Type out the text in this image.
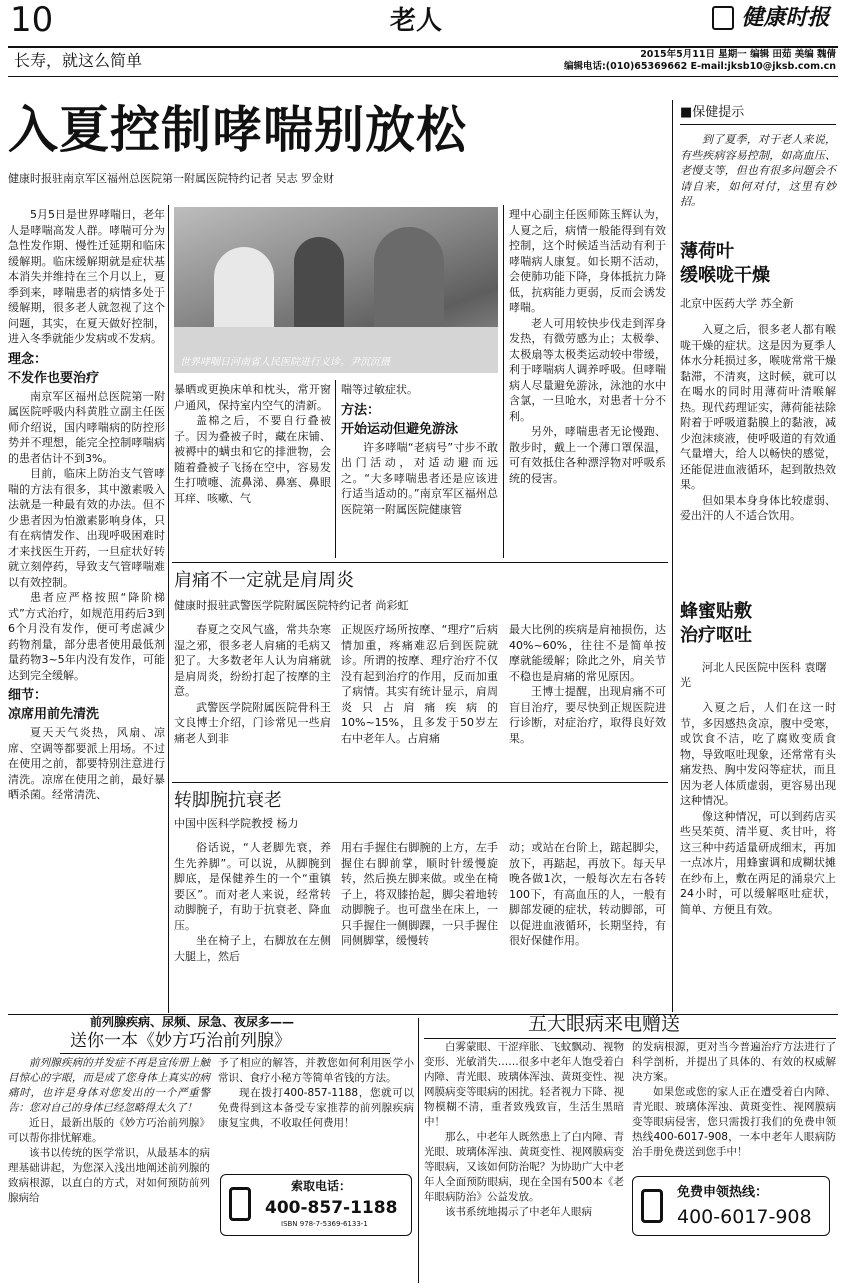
10	老人	健康时报
长寿，就这么简单	2015年5月11日 星期一 编辑 田茹 美编 魏倩
编辑电话:(010)65369662 E-mail:jksb10@jksb.com.cn
入夏控制哮喘别放松
健康时报驻南京军区福州总医院第一附属医院特约记者 吴志 罗金财

5月5日是世界哮喘日，老年人是哮喘高发人群。哮喘可分为急性发作期、慢性迁延期和临床缓解期。临床缓解期就是症状基本消失并维持在三个月以上，夏季到来，哮喘患者的病情多处于缓解期，很多老人就忽视了这个问题，其实，在夏天做好控制，进入冬季就能少发病或不发病。

理念：
不发作也要治疗

南京军区福州总医院第一附属医院呼吸内科黄胜立副主任医师介绍说，国内哮喘病的防控形势并不理想，能完全控制哮喘病的患者估计不到3%。

目前，临床上防治支气管哮喘的方法有很多，其中激素吸入法就是一种最有效的办法。但不少患者因为怕激素影响身体，只有在病情发作、出现呼吸困难时才来找医生开药，一旦症状好转就立刻停药，导致支气管哮喘难以有效控制。

患者应严格按照“降阶梯式”方式治疗，如规范用药后3到6个月没有发作，便可考虑减少药物剂量，部分患者使用最低剂量药物3~5年内没有发作，可能达到完全缓解。

细节：
凉席用前先清洗

夏天天气炎热，风扇、凉席、空调等都要派上用场。不过在使用之前，都要特别注意进行清洗。凉席在使用之前，最好暴晒杀菌。经常清洗、

世界哮喘日河南省人民医院进行义诊。尹沉沉摄

暴晒或更换床单和枕头，常开窗户通风，保持室内空气的清新。

盖棉之后，不要自行叠被子。因为叠被子时，藏在床铺、被褥中的螨虫和它的排泄物，会随着叠被子飞扬在空中，容易发生打喷嚏、流鼻涕、鼻塞、鼻眼耳痒、咳嗽、气

喘等过敏症状。

方法：
开始运动但避免游泳

许多哮喘“老病号”寸步不敢出门活动，对适动避而远之。“大多哮喘患者还是应该进行适当适动的。”南京军区福州总医院第一附属医院健康管

理中心副主任医师陈玉辉认为，人夏之后，病情一般能得到有效控制，这个时候适当活动有利于哮喘病人康复。如长期不活动，会使肺功能下降，身体抵抗力降低，抗病能力更弱，反而会诱发哮喘。

老人可用较快步伐走到浑身发热，有微劳感为止；太极拳、太极扇等太极类运动较中带缓，利于哮喘病人调养呼吸。但哮喘病人尽量避免游泳，泳池的水中含氯，一旦呛水，对患者十分不利。

另外，哮喘患者无论慢跑、散步时，戴上一个薄口罩保温，可有效抵住各种漂浮物对呼吸系统的侵害。

肩痛不一定就是肩周炎
健康时报驻武警医学院附属医院特约记者 尚彩虹

春夏之交风气盛，常共杂寒湿之邪，很多老人肩痛的毛病又犯了。大多数老年人认为肩痛就是肩周炎，纷纷打起了按摩的主意。

武警医学院附属医院骨科王文良博士介绍，门诊常见一些肩痛老人到非

正规医疗场所按摩、“理疗”后病情加重，疼痛难忍后到医院就诊。所谓的按摩、理疗治疗不仅没有起到治疗的作用，反而加重了病情。其实有统计显示，肩周炎只占肩痛疾病的10%~15%，且多发于50岁左右中老年人。占肩痛

最大比例的疾病是肩袖损伤，达40%~60%，往往不是简单按摩就能缓解；除此之外，肩关节不稳也是肩痛的常见原因。

王博士提醒，出现肩痛不可盲目治疗，要尽快到正规医院进行诊断，对症治疗，取得良好效果。

转脚腕抗衰老
中国中医科学院教授 杨力

俗话说，“人老脚先衰，养生先养脚”。可以说，从脚腕到脚底，是保健养生的一个“重镇要区”。而对老人来说，经常转动脚腕子，有助于抗衰老、降血压。

坐在椅子上，右脚放在左侧大腿上，然后

用右手握住右脚腕的上方，左手握住右脚前掌，顺时针缓慢旋转，然后换左脚来做。或坐在椅子上，将双膝抬起，脚尖着地转动脚腕子。也可盘坐在床上，一只手握住一侧脚踝，一只手握住同侧脚掌，缓慢转

动；或站在台阶上，踮起脚尖，放下，再踮起，再放下。每天早晚各做1次，一般每次左右各转100下，有高血压的人，一般有脚部发硬的症状，转动脚部，可以促进血液循环，长期坚持，有很好保健作用。

■保健提示
到了夏季，对于老人来说，有些疾病容易控制，如高血压、老慢支等，但也有很多问题会不请自来，如何对付，这里有妙招。
薄荷叶
缓喉咙干燥
北京中医药大学 苏全新

入夏之后，很多老人都有喉咙干燥的症状。这是因为夏季人体水分耗损过多，喉咙常常干燥黏滞，不清爽，这时候，就可以在喝水的同时用薄荷叶清喉解热。现代药理证实，薄荷能祛除附着于呼吸道黏膜上的黏液，减少泡沫痰液，使呼吸道的有效通气量增大，给人以畅快的感觉，还能促进血液循环，起到散热效果。

但如果本身身体比较虚弱、爱出汗的人不适合饮用。

蜂蜜贴敷
治疗呕吐
河北人民医院中医科 袁曙光

入夏之后，人们在这一时节，多因感热贪凉，腹中受寒，或饮食不洁，吃了腐败变质食物，导致呕吐现象，还常常有头痛发热、胸中发闷等症状，而且因为老人体质虚弱，更容易出现这种情况。

像这种情况，可以到药店买些吴茱萸、清半夏、炙甘叶，将这三种中药适量研成细末，再加一点冰片，用蜂蜜调和成糊状摊在纱布上，敷在两足的涌泉穴上24小时，可以缓解呕吐症状，简单、方便且有效。

前列腺疾病、尿频、尿急、夜尿多——
送你一本《妙方巧治前列腺》

前列腺疾病的并发症不再是宣传册上触目惊心的字眼，而是成了您身体上真实的病痛时，也许是身体对您发出的一个严重警告：您对自己的身体已经忽略得太久了！

近日，最新出版的《妙方巧治前列腺》可以帮你排忧解难。

该书以传统的医学常识，从最基本的病理基础讲起，为您深入浅出地阐述前列腺的致病根源，以直白的方式，对如何预防前列腺病给

予了相应的解答，并教您如何利用医学小常识、食疗小秘方等简单省钱的方法。

现在拨打400-857-1188，您就可以免费得到这本备受专家推荐的前列腺疾病康复宝典，不收取任何费用！

索取电话：
400-857-1188
ISBN 978-7-5369-6133-1
五大眼病来电赠送

白雾蒙眼、干涩痒胀、飞蚊飘动、视物变形、光敏消失……很多中老年人饱受着白内障、青光眼、玻璃体浑浊、黄斑变性、视网膜病变等眼病的困扰。轻者视力下降、视物模糊不清，重者致残致盲，生活生黑暗中！

那么，中老年人既然患上了白内障、青光眼、玻璃体浑浊、黄斑变性、视网膜病变等眼病，又该如何防治呢？为协助广大中老年人全面预防眼病，现在全国有500本《老年眼病防治》公益发放。

该书系统地揭示了中老年人眼病

的发病根源，更对当今普遍治疗方法进行了科学剖析，并提出了具体的、有效的权威解决方案。

如果您或您的家人正在遭受着白内障、青光眼、玻璃体浑浊、黄斑变性、视网膜病变等眼病侵害，您只需拨打我们的免费申领热线400-6017-908，一本中老年人眼病防治手册免费送到您手中！

免费申领热线：
400-6017-908
